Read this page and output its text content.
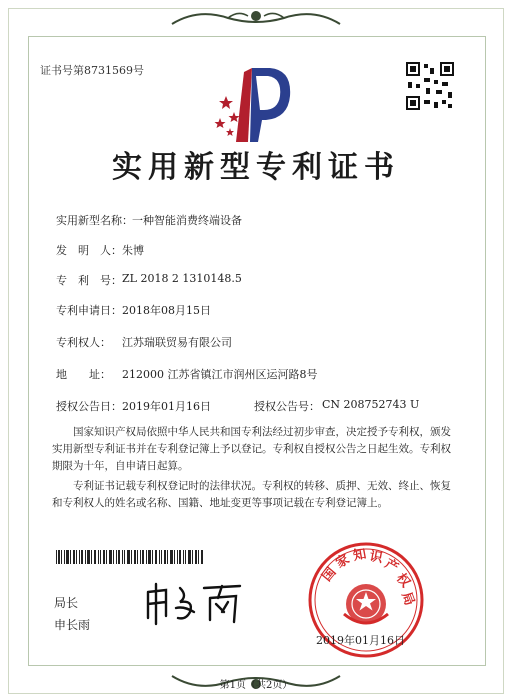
证书号第8731569号
实用新型专利证书
实用新型名称： 一种智能消费终端设备
发　明　人： 朱博
专　利　号： ZL 2018 2 1310148.5
专利申请日： 2018年08月15日
专利权人： 江苏瑞联贸易有限公司
地　　址： 212000 江苏省镇江市润州区运河路8号
授权公告日： 2019年01月16日	授权公告号： CN 208752743 U
国家知识产权局依照中华人民共和国专利法经过初步审查，决定授予专利权，颁发实用新型专利证书并在专利登记簿上予以登记。专利权自授权公告之日起生效。专利权期限为十年，自申请日起算。
专利证书记载专利权登记时的法律状况。专利权的转移、质押、无效、终止、恢复和专利权人的姓名或名称、国籍、地址变更等事项记载在专利登记簿上。
局长
申长雨
国
家 知 识
产
权
局
2019年01月16日
第1页（共2页）
